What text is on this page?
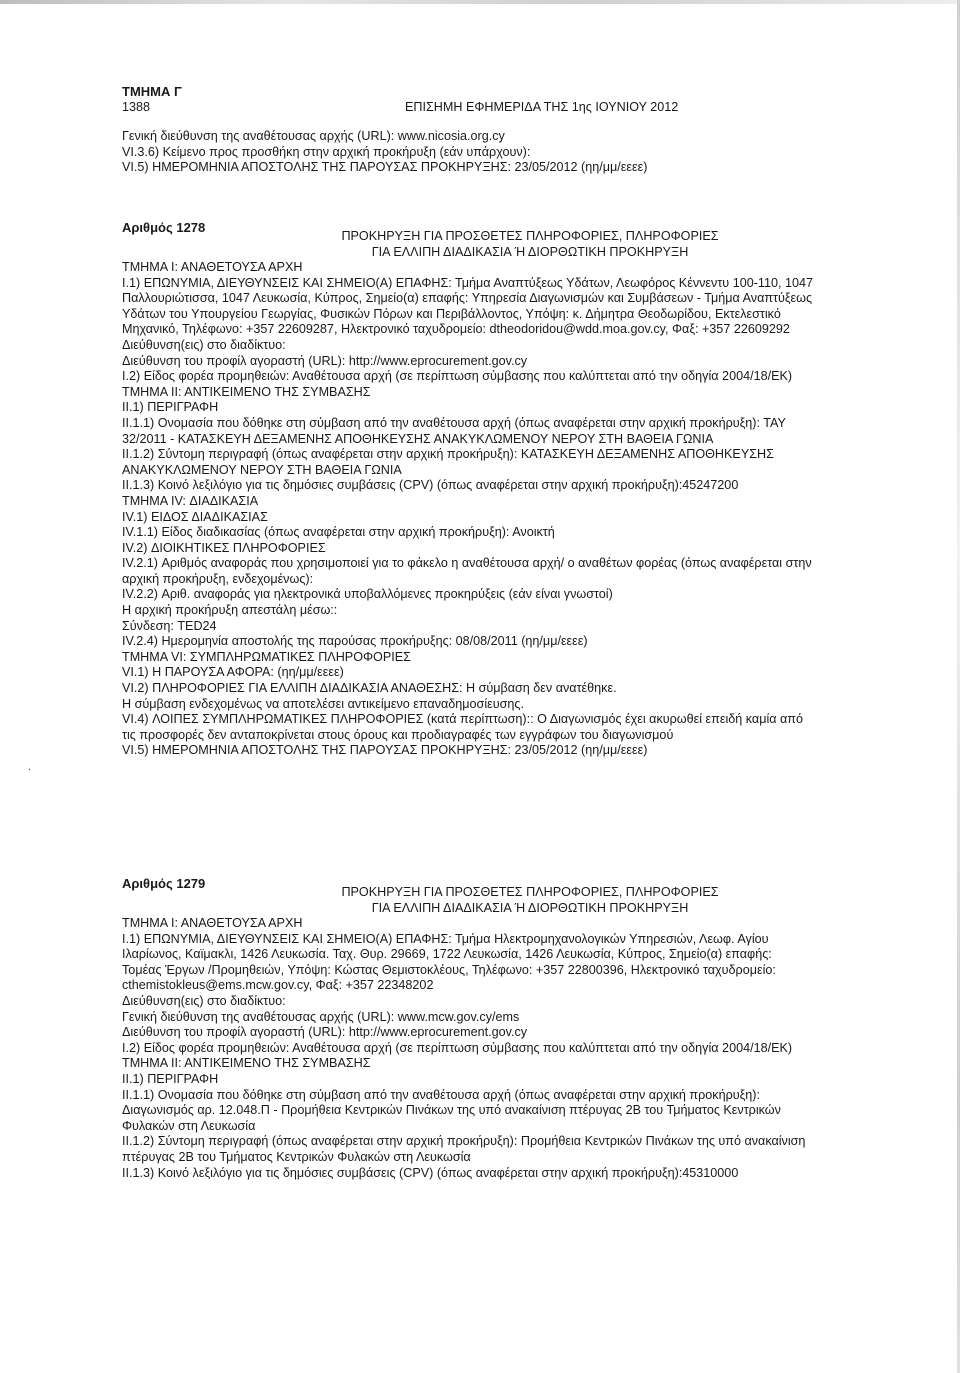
.
ΤΜΗΜΑ Γ
1388	ΕΠΙΣΗΜΗ ΕΦΗΜΕΡΙΔΑ ΤΗΣ 1ης ΙΟΥΝΙΟΥ 2012
Γενική διεύθυνση της αναθέτουσας αρχής (URL): www.nicosia.org.cy
VI.3.6) Κείμενο προς προσθήκη στην αρχική προκήρυξη (εάν υπάρχουν):
VI.5) ΗΜΕΡΟΜΗΝΙΑ ΑΠΟΣΤΟΛΗΣ ΤΗΣ ΠΑΡΟΥΣΑΣ ΠΡΟΚΗΡΥΞΗΣ: 23/05/2012 (ηη/μμ/εεεε)
Αριθμός 1278
ΠΡΟΚΗΡΥΞΗ ΓΙΑ ΠΡΟΣΘΕΤΕΣ ΠΛΗΡΟΦΟΡΙΕΣ, ΠΛΗΡΟΦΟΡΙΕΣ
ΓΙΑ ΕΛΛΙΠΗ ΔΙΑΔΙΚΑΣΙΑ Ή ΔΙΟΡΘΩΤΙΚΗ ΠΡΟΚΗΡΥΞΗ
ΤΜΗΜΑ Ι: ΑΝΑΘΕΤΟΥΣΑ ΑΡΧΗ
Ι.1) ΕΠΩΝΥΜΙΑ, ΔΙΕΥΘΥΝΣΕΙΣ ΚΑΙ ΣΗΜΕΙΟ(Α) ΕΠΑΦΗΣ: Τμήμα Αναπτύξεως Υδάτων, Λεωφόρος Κέννεντυ 100-110, 1047
Παλλουριώτισσα, 1047 Λευκωσία, Κύπρος, Σημείο(α) επαφής: Υπηρεσία Διαγωνισμών και Συμβάσεων - Τμήμα Αναπτύξεως
Υδάτων του Υπουργείου Γεωργίας, Φυσικών Πόρων και Περιβάλλοντος, Υπόψη: κ. Δήμητρα Θεοδωρίδου, Εκτελεστικό
Μηχανικό, Τηλέφωνο: +357 22609287, Ηλεκτρονικό ταχυδρομείο: dtheodoridou@wdd.moa.gov.cy, Φαξ: +357 22609292
Διεύθυνση(εις) στο διαδίκτυο:
Διεύθυνση του προφίλ αγοραστή (URL): http://www.eprocurement.gov.cy
Ι.2) Είδος φορέα προμηθειών: Αναθέτουσα αρχή (σε περίπτωση σύμβασης που καλύπτεται από την οδηγία 2004/18/ΕΚ)
ΤΜΗΜΑ ΙΙ: ΑΝΤΙΚΕΙΜΕΝΟ ΤΗΣ ΣΥΜΒΑΣΗΣ
ΙΙ.1) ΠΕΡΙΓΡΑΦΗ
ΙΙ.1.1) Ονομασία που δόθηκε στη σύμβαση από την αναθέτουσα αρχή (όπως αναφέρεται στην αρχική προκήρυξη): ΤΑΥ
32/2011 - ΚΑΤΑΣΚΕΥΗ ΔΕΞΑΜΕΝΗΣ ΑΠΟΘΗΚΕΥΣΗΣ ΑΝΑΚΥΚΛΩΜΕΝΟΥ ΝΕΡΟΥ ΣΤΗ ΒΑΘΕΙΑ ΓΩΝΙΑ
ΙΙ.1.2) Σύντομη περιγραφή (όπως αναφέρεται στην αρχική προκήρυξη): ΚΑΤΑΣΚΕΥΗ ΔΕΞΑΜΕΝΗΣ ΑΠΟΘΗΚΕΥΣΗΣ
ΑΝΑΚΥΚΛΩΜΕΝΟΥ ΝΕΡΟΥ ΣΤΗ ΒΑΘΕΙΑ ΓΩΝΙΑ
ΙΙ.1.3) Κοινό λεξιλόγιο για τις δημόσιες συμβάσεις (CPV) (όπως αναφέρεται στην αρχική προκήρυξη):45247200
ΤΜΗΜΑ IV: ΔΙΑΔΙΚΑΣΙΑ
IV.1) ΕΙΔΟΣ ΔΙΑΔΙΚΑΣΙΑΣ
IV.1.1) Είδος διαδικασίας (όπως αναφέρεται στην αρχική προκήρυξη): Ανοικτή
IV.2) ΔΙΟΙΚΗΤΙΚΕΣ ΠΛΗΡΟΦΟΡΙΕΣ
IV.2.1) Αριθμός αναφοράς που χρησιμοποιεί για το φάκελο η αναθέτουσα αρχή/ ο αναθέτων φορέας (όπως αναφέρεται στην
αρχική προκήρυξη, ενδεχομένως):
IV.2.2) Αριθ. αναφοράς για ηλεκτρονικά υποβαλλόμενες προκηρύξεις (εάν είναι γνωστοί)
Η αρχική προκήρυξη απεστάλη μέσω::
Σύνδεση: TED24
IV.2.4) Ημερομηνία αποστολής της παρούσας προκήρυξης: 08/08/2011 (ηη/μμ/εεεε)
ΤΜΗΜΑ VI: ΣΥΜΠΛΗΡΩΜΑΤΙΚΕΣ ΠΛΗΡΟΦΟΡΙΕΣ
VI.1) Η ΠΑΡΟΥΣΑ ΑΦΟΡΑ: (ηη/μμ/εεεε)
VI.2) ΠΛΗΡΟΦΟΡΙΕΣ ΓΙΑ ΕΛΛΙΠΗ ΔΙΑΔΙΚΑΣΙΑ ΑΝΑΘΕΣΗΣ: Η σύμβαση δεν ανατέθηκε.
Η σύμβαση ενδεχομένως να αποτελέσει αντικείμενο επαναδημοσίευσης.
VI.4) ΛΟΙΠΕΣ ΣΥΜΠΛΗΡΩΜΑΤΙΚΕΣ ΠΛΗΡΟΦΟΡΙΕΣ (κατά περίπτωση):: Ο Διαγωνισμός έχει ακυρωθεί επειδή καμία από
τις προσφορές δεν ανταποκρίνεται στους όρους και προδιαγραφές των εγγράφων του διαγωνισμού
VI.5) ΗΜΕΡΟΜΗΝΙΑ ΑΠΟΣΤΟΛΗΣ ΤΗΣ ΠΑΡΟΥΣΑΣ ΠΡΟΚΗΡΥΞΗΣ: 23/05/2012 (ηη/μμ/εεεε)
Αριθμός 1279
ΠΡΟΚΗΡΥΞΗ ΓΙΑ ΠΡΟΣΘΕΤΕΣ ΠΛΗΡΟΦΟΡΙΕΣ, ΠΛΗΡΟΦΟΡΙΕΣ
ΓΙΑ ΕΛΛΙΠΗ ΔΙΑΔΙΚΑΣΙΑ Ή ΔΙΟΡΘΩΤΙΚΗ ΠΡΟΚΗΡΥΞΗ
ΤΜΗΜΑ Ι: ΑΝΑΘΕΤΟΥΣΑ ΑΡΧΗ
Ι.1) ΕΠΩΝΥΜΙΑ, ΔΙΕΥΘΥΝΣΕΙΣ ΚΑΙ ΣΗΜΕΙΟ(Α) ΕΠΑΦΗΣ: Τμήμα Ηλεκτρομηχανολογικών Υπηρεσιών, Λεωφ. Αγίου
Ιλαρίωνος, Καϊμακλι, 1426 Λευκωσία. Ταχ. Θυρ. 29669, 1722 Λευκωσία, 1426 Λευκωσία, Κύπρος, Σημείο(α) επαφής:
Τομέας Έργων /Προμηθειών, Υπόψη: Κώστας Θεμιστοκλέους, Τηλέφωνο: +357 22800396, Ηλεκτρονικό ταχυδρομείο:
cthemistokleus@ems.mcw.gov.cy, Φαξ: +357 22348202
Διεύθυνση(εις) στο διαδίκτυο:
Γενική διεύθυνση της αναθέτουσας αρχής (URL): www.mcw.gov.cy/ems
Διεύθυνση του προφίλ αγοραστή (URL): http://www.eprocurement.gov.cy
Ι.2) Είδος φορέα προμηθειών: Αναθέτουσα αρχή (σε περίπτωση σύμβασης που καλύπτεται από την οδηγία 2004/18/ΕΚ)
ΤΜΗΜΑ ΙΙ: ΑΝΤΙΚΕΙΜΕΝΟ ΤΗΣ ΣΥΜΒΑΣΗΣ
ΙΙ.1) ΠΕΡΙΓΡΑΦΗ
ΙΙ.1.1) Ονομασία που δόθηκε στη σύμβαση από την αναθέτουσα αρχή (όπως αναφέρεται στην αρχική προκήρυξη):
Διαγωνισμός αρ. 12.048.Π - Προμήθεια Κεντρικών Πινάκων της υπό ανακαίνιση πτέρυγας 2Β του Τμήματος Κεντρικών
Φυλακών στη Λευκωσία
ΙΙ.1.2) Σύντομη περιγραφή (όπως αναφέρεται στην αρχική προκήρυξη): Προμήθεια Κεντρικών Πινάκων της υπό ανακαίνιση
πτέρυγας 2Β του Τμήματος Κεντρικών Φυλακών στη Λευκωσία
ΙΙ.1.3) Κοινό λεξιλόγιο για τις δημόσιες συμβάσεις (CPV) (όπως αναφέρεται στην αρχική προκήρυξη):45310000
